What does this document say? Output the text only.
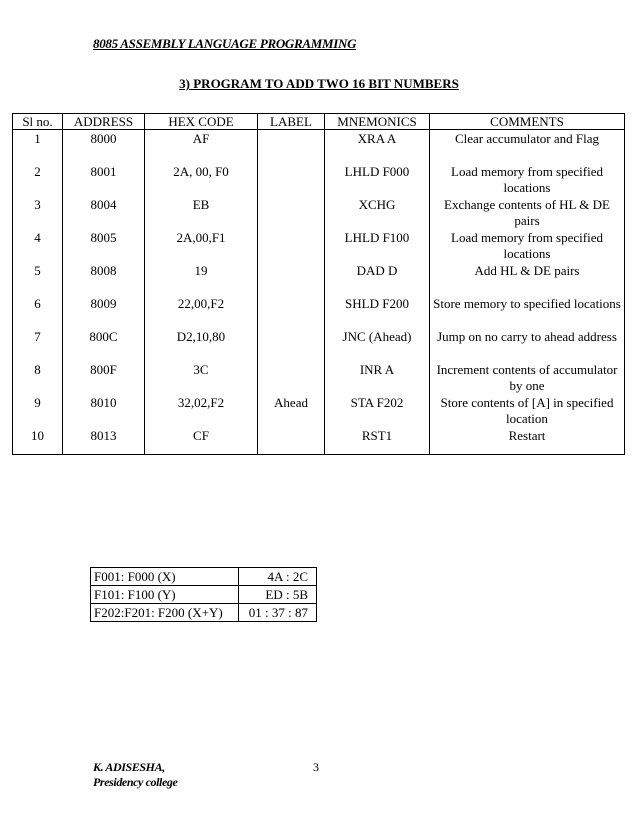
8085 ASSEMBLY LANGUAGE PROGRAMMING
3) PROGRAM TO ADD TWO 16 BIT NUMBERS
Sl no.	ADDRESS	HEX CODE	LABEL	MNEMONICS	COMMENTS
1	8000	AF		XRA A	Clear accumulator and Flag
2	8001	2A, 00, F0		LHLD F000	Load memory from specified locations
3	8004	EB		XCHG	Exchange contents of HL & DE pairs
4	8005	2A,00,F1		LHLD F100	Load memory from specified locations
5	8008	19		DAD D	Add HL & DE pairs
6	8009	22,00,F2		SHLD F200	Store memory to specified locations
7	800C	D2,10,80		JNC (Ahead)	Jump on no carry to ahead address
8	800F	3C		INR A	Increment contents of accumulator by one
9	8010	32,02,F2	Ahead	STA F202	Store contents of [A] in specified location
10	8013	CF		RST1	Restart
F001: F000 (X)	4A : 2C
F101: F100 (Y)	ED : 5B
F202:F201: F200 (X+Y)	01 : 37 : 87
3
K. ADISESHA,
Presidency college
